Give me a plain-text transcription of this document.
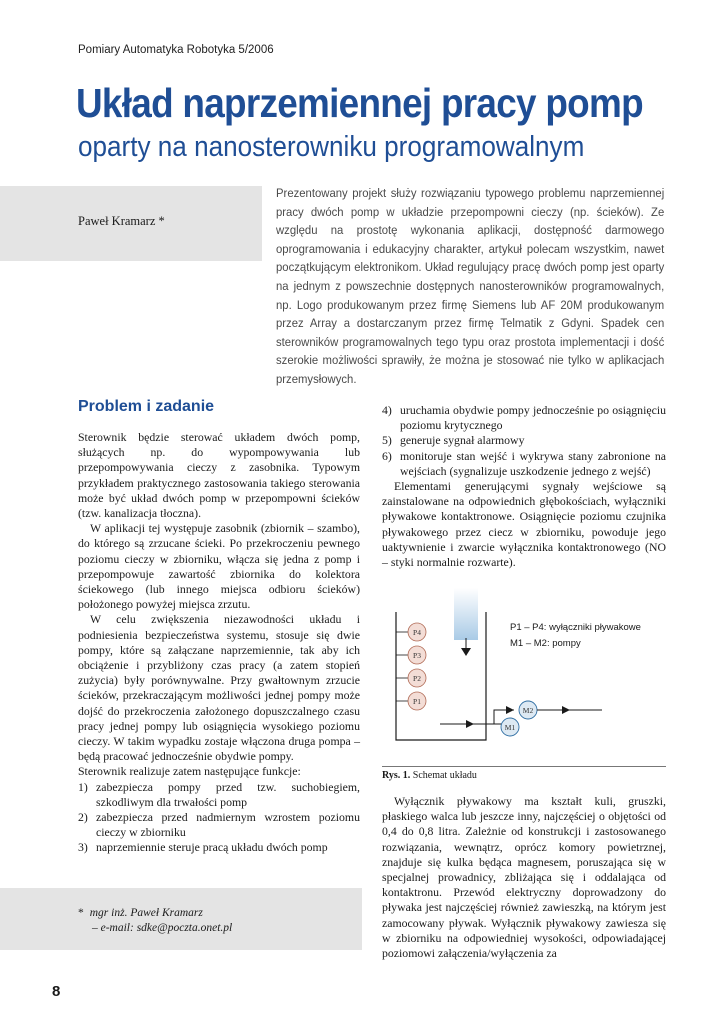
Pomiary Automatyka Robotyka 5/2006
Układ naprzemiennej pracy pomp
oparty na nanosterowniku programowalnym
Paweł Kramarz *
Prezentowany projekt służy rozwiązaniu typowego problemu naprzemiennej pracy dwóch pomp w układzie przepompowni cieczy (np. ścieków). Ze względu na prostotę wykonania aplikacji, dostępność darmowego oprogramowania i edukacyjny charakter, artykuł polecam wszystkim, nawet początkującym elektronikom. Układ regulujący pracę dwóch pomp jest oparty na jednym z powszechnie dostępnych nanosterowników programowalnych, np. Logo produkowanym przez firmę Siemens lub AF 20M produkowanym przez Array a dostarczanym przez firmę Telmatik z Gdyni. Spadek cen sterowników programowalnych tego typu oraz prostota implementacji i dość szerokie możliwości sprawiły, że można je stosować nie tylko w aplikacjach przemysłowych.
Problem i zadanie

Sterownik będzie sterować układem dwóch pomp, służących np. do wypompowywania lub przepompowywania cieczy z zasobnika. Typowym przykładem praktycznego zastosowania takiego sterowania może być układ dwóch pomp w przepompowni ścieków (tzw. kanalizacja tłoczna).

W aplikacji tej występuje zasobnik (zbiornik – szambo), do którego są zrzucane ścieki. Po przekroczeniu pewnego poziomu cieczy w zbiorniku, włącza się jedna z pomp i przepompowuje zawartość zbiornika do kolektora ściekowego (lub innego miejsca odbioru ścieków) położonego powyżej miejsca zrzutu.

W celu zwiększenia niezawodności układu i podniesienia bezpieczeństwa systemu, stosuje się dwie pompy, które są załączane naprzemiennie, tak aby ich obciążenie i przybliżony czas pracy (a zatem stopień zużycia) były porównywalne. Przy gwałtownym zrzucie ścieków, przekraczającym możliwości jednej pompy może dojść do przekroczenia założonego dopuszczalnego czasu pracy jednej pompy lub osiągnięcia wysokiego poziomu cieczy. W takim wypadku zostaje włączona druga pompa – będą pracować jednocześnie obydwie pompy.

Sterownik realizuje zatem następujące funkcje:

1) zabezpiecza pompy przed tzw. suchobiegiem, szkodliwym dla trwałości pomp
2) zabezpiecza przed nadmiernym wzrostem poziomu cieczy w zbiorniku
3) naprzemiennie steruje pracą układu dwóch pomp
4) uruchamia obydwie pompy jednocześnie po osiągnięciu poziomu krytycznego
5) generuje sygnał alarmowy
6) monitoruje stan wejść i wykrywa stany zabronione na wejściach (sygnalizuje uszkodzenie jednego z wejść)

Elementami generującymi sygnały wejściowe są zainstalowane na odpowiednich głębokościach, wyłączniki pływakowe kontaktronowe. Osiągnięcie poziomu czujnika pływakowego przez ciecz w zbiorniku, powoduje jego uaktywnienie i zwarcie wyłącznika kontaktronowego (NO – styki normalnie rozwarte).

P4
P3
P2
P1
M1
M2
P1 – P4: wyłączniki pływakowe
M1 – M2: pompy
Rys. 1. Schemat układu

Wyłącznik pływakowy ma kształt kuli, gruszki, płaskiego walca lub jeszcze inny, najczęściej o objętości od 0,4 do 0,8 litra. Zależnie od konstrukcji i zastosowanego rozwiązania, wewnątrz, oprócz komory powietrznej, znajduje się kulka będąca magnesem, poruszająca się w specjalnej prowadnicy, zbliżająca się i oddalająca od kontaktronu. Przewód elektryczny doprowadzony do pływaka jest najczęściej również zawieszką, na którym jest zamocowany pływak. Wyłącznik pływakowy zawiesza się w zbiorniku na odpowiedniej wysokości, odpowiadającej poziomowi załączenia/wyłączenia za

* mgr inż. Paweł Kramarz
– e-mail: sdke@poczta.onet.pl
8
